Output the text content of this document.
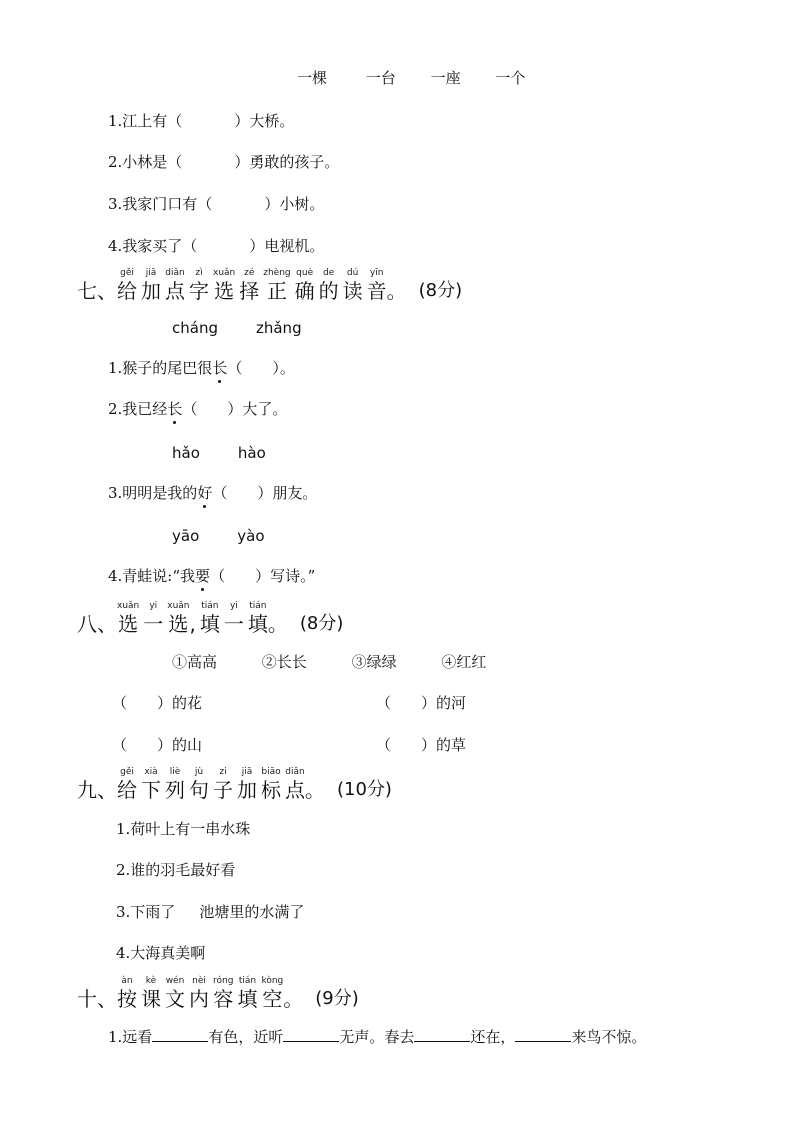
一棵	一台 一座 一个
1.江上有（	）大桥。
2.小林是（	）勇敢的孩子。
3.我家门口有（	）小树。
4.我家买了（	）电视机。
七、
gěi
给
jiā
加
diǎn
点
zì
字
xuǎn
选
zé
择
zhèng
正
què
确
de
的
dú
读
yīn
音 。 (8分)
cháng	zhǎng
1.猴子的尾巴很长（　　）。
2.我已经长（　　）大了。
hǎo	hào
3.明明是我的好（　　）朋友。
yāo	yào
4.青蛙说:“我要（　　）写诗。”
八、
xuǎn
选
yi
一
xuǎn
选 ,
tián
填
yi
一
tián
填 。 (8分)
①高高	②长长	③绿绿	④红红
（　　）的花	（　　）的河
（　　）的山	（　　）的草
九、
gěi
给
xià
下
liè
列
jù
句
zi
子
jiā
加
biāo
标
diǎn
点 。 (10分)
1.荷叶上有一串水珠
2.谁的羽毛最好看
3.下雨了 池塘里的水满了
4.大海真美啊
十、
àn
按
kè
课
wén
文
nèi
内
róng
容
tián
填
kòng
空 。 (9分)
1.远看	有色，近听	无声。春去	还在，	来鸟不惊。
